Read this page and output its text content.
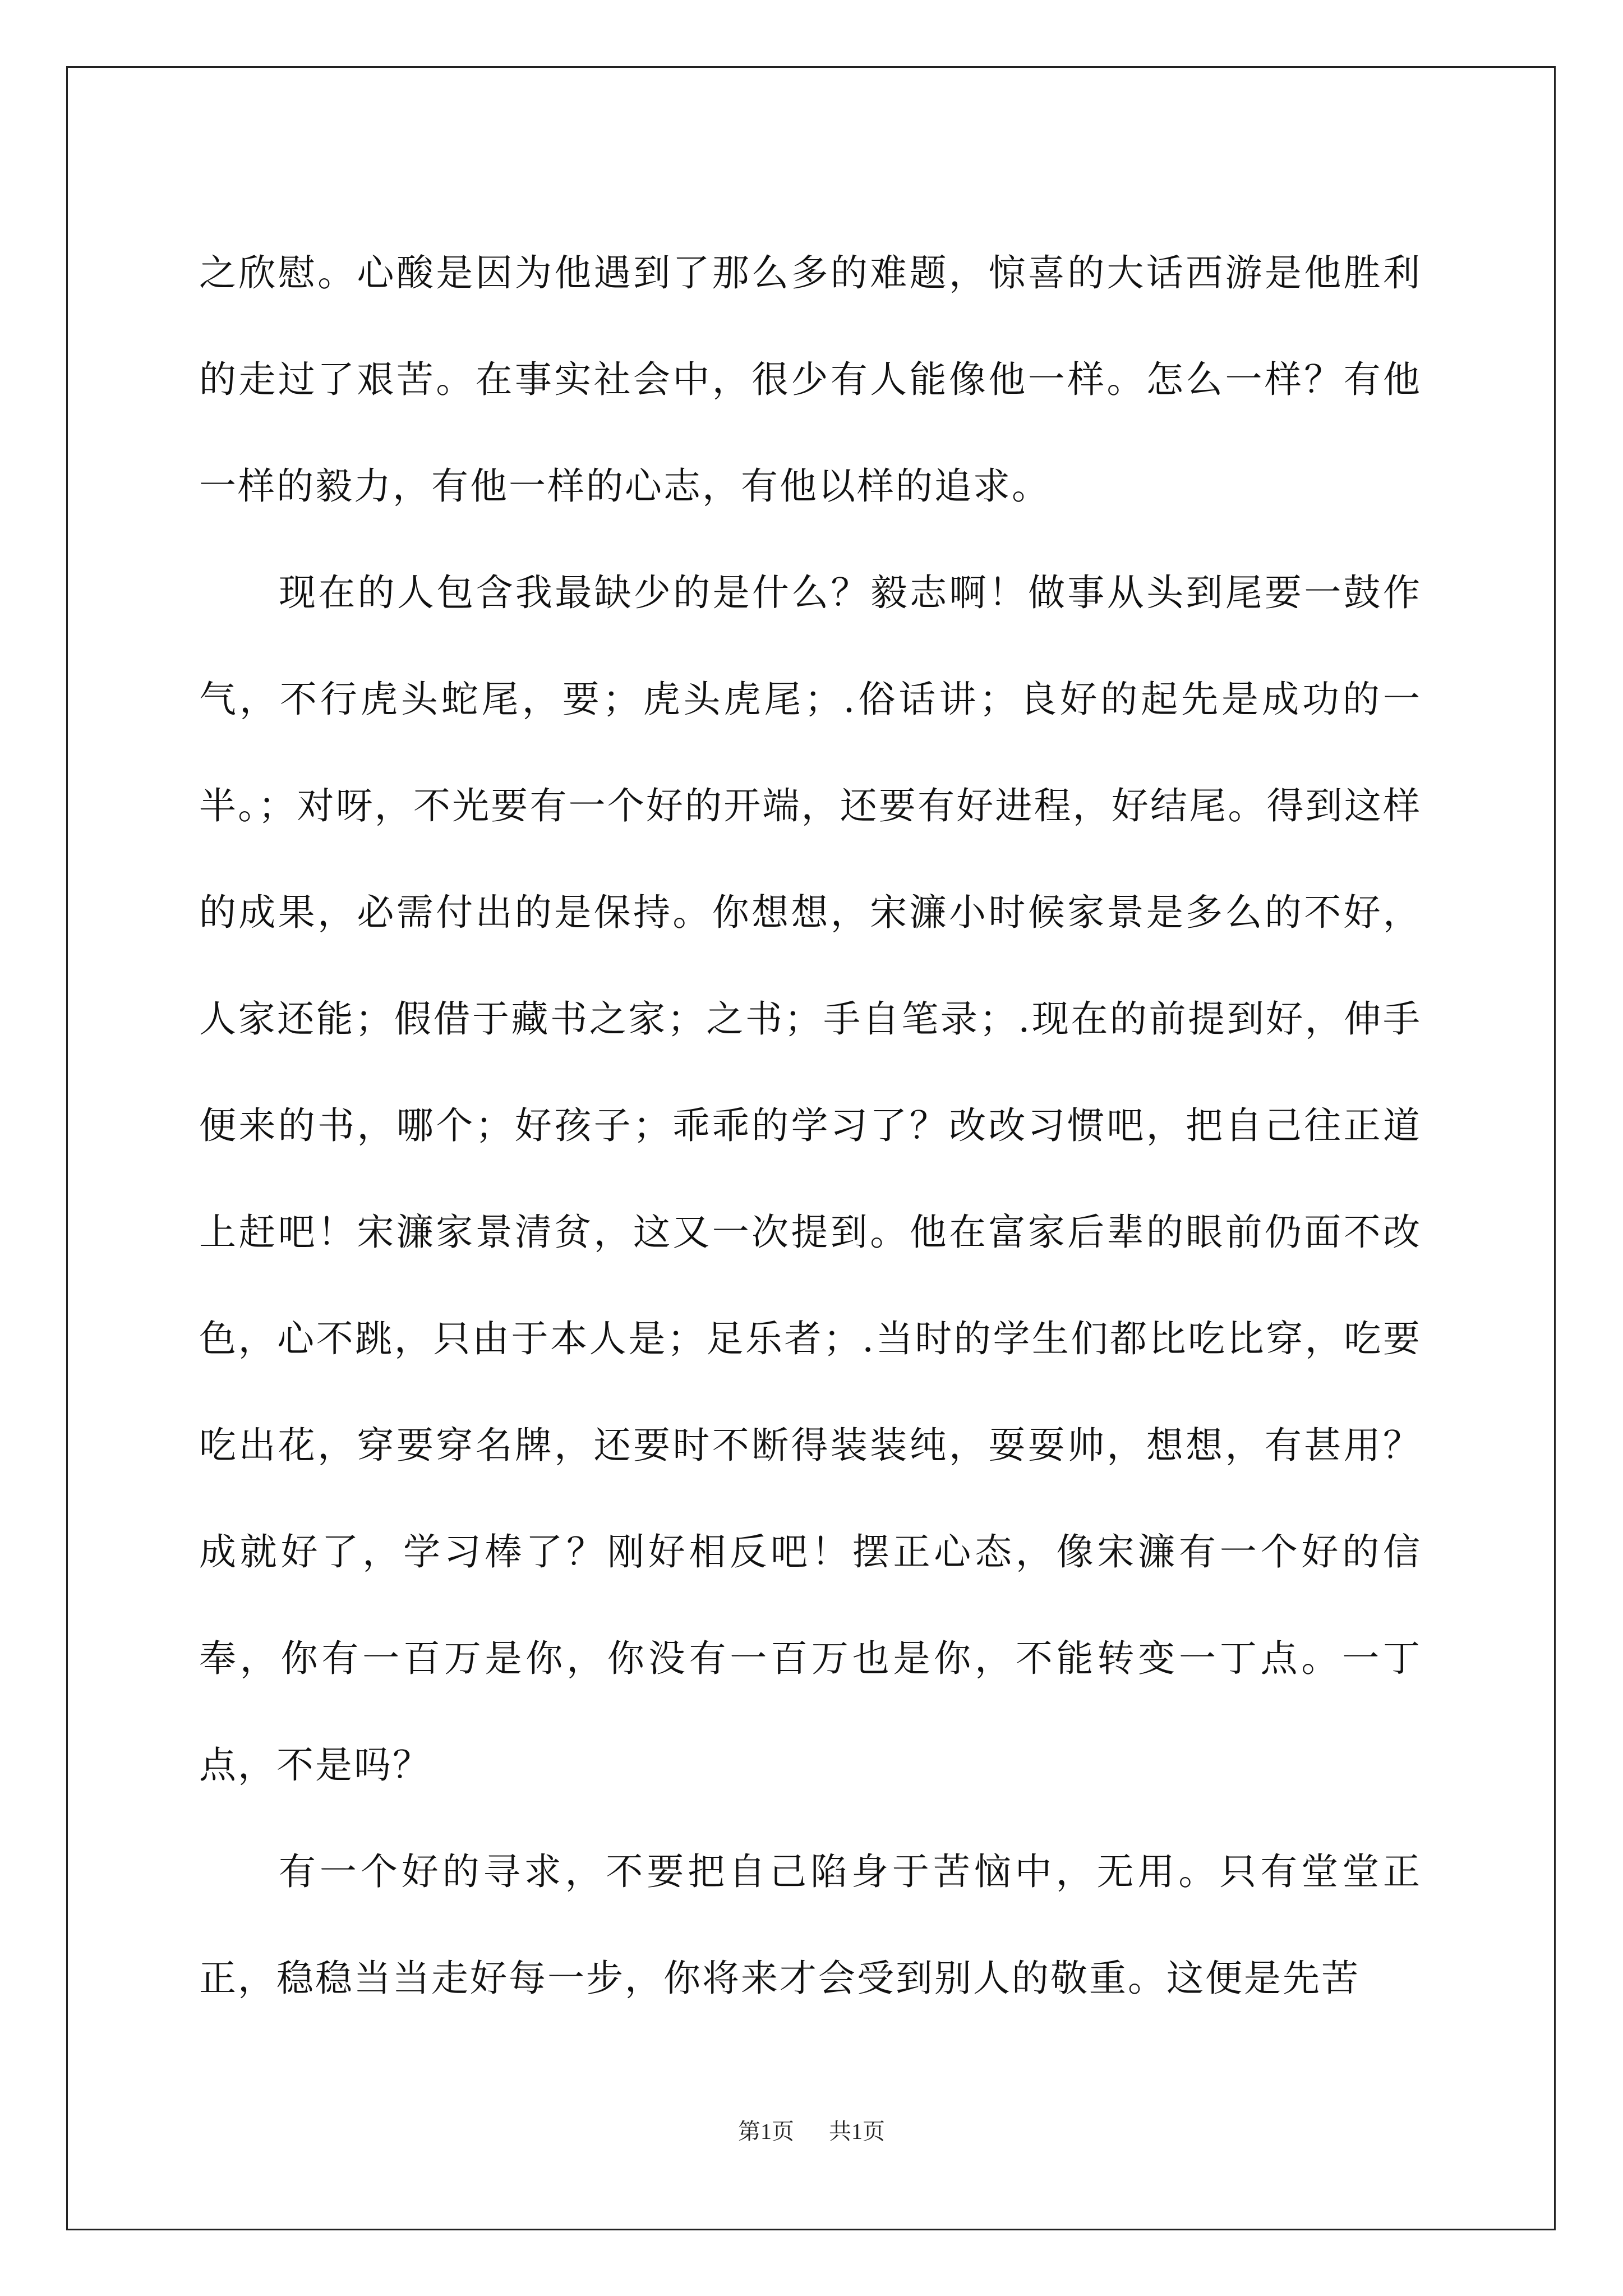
之欣慰。心酸是因为他遇到了那么多的难题，惊喜的大话西游是他胜利的走过了艰苦。在事实社会中，很少有人能像他一样。怎么一样？有他一样的毅力，有他一样的心志，有他以样的追求。

现在的人包含我最缺少的是什么？毅志啊！做事从头到尾要一鼓作气，不行虎头蛇尾，要；虎头虎尾；.俗话讲；良好的起先是成功的一半。；对呀，不光要有一个好的开端，还要有好进程，好结尾。得到这样的成果，必需付出的是保持。你想想，宋濂小时候家景是多么的不好，人家还能；假借于藏书之家；之书；手自笔录；.现在的前提到好，伸手便来的书，哪个；好孩子；乖乖的学习了？改改习惯吧，把自己往正道上赶吧！宋濂家景清贫，这又一次提到。他在富家后辈的眼前仍面不改色，心不跳，只由于本人是；足乐者；.当时的学生们都比吃比穿，吃要吃出花，穿要穿名牌，还要时不断得装装纯，耍耍帅，想想，有甚用？成就好了，学习棒了？刚好相反吧！摆正心态，像宋濂有一个好的信奉，你有一百万是你，你没有一百万也是你，不能转变一丁点。一丁点，不是吗？

有一个好的寻求，不要把自己陷身于苦恼中，无用。只有堂堂正正，稳稳当当走好每一步，你将来才会受到别人的敬重。这便是先苦

第1页 共1页
